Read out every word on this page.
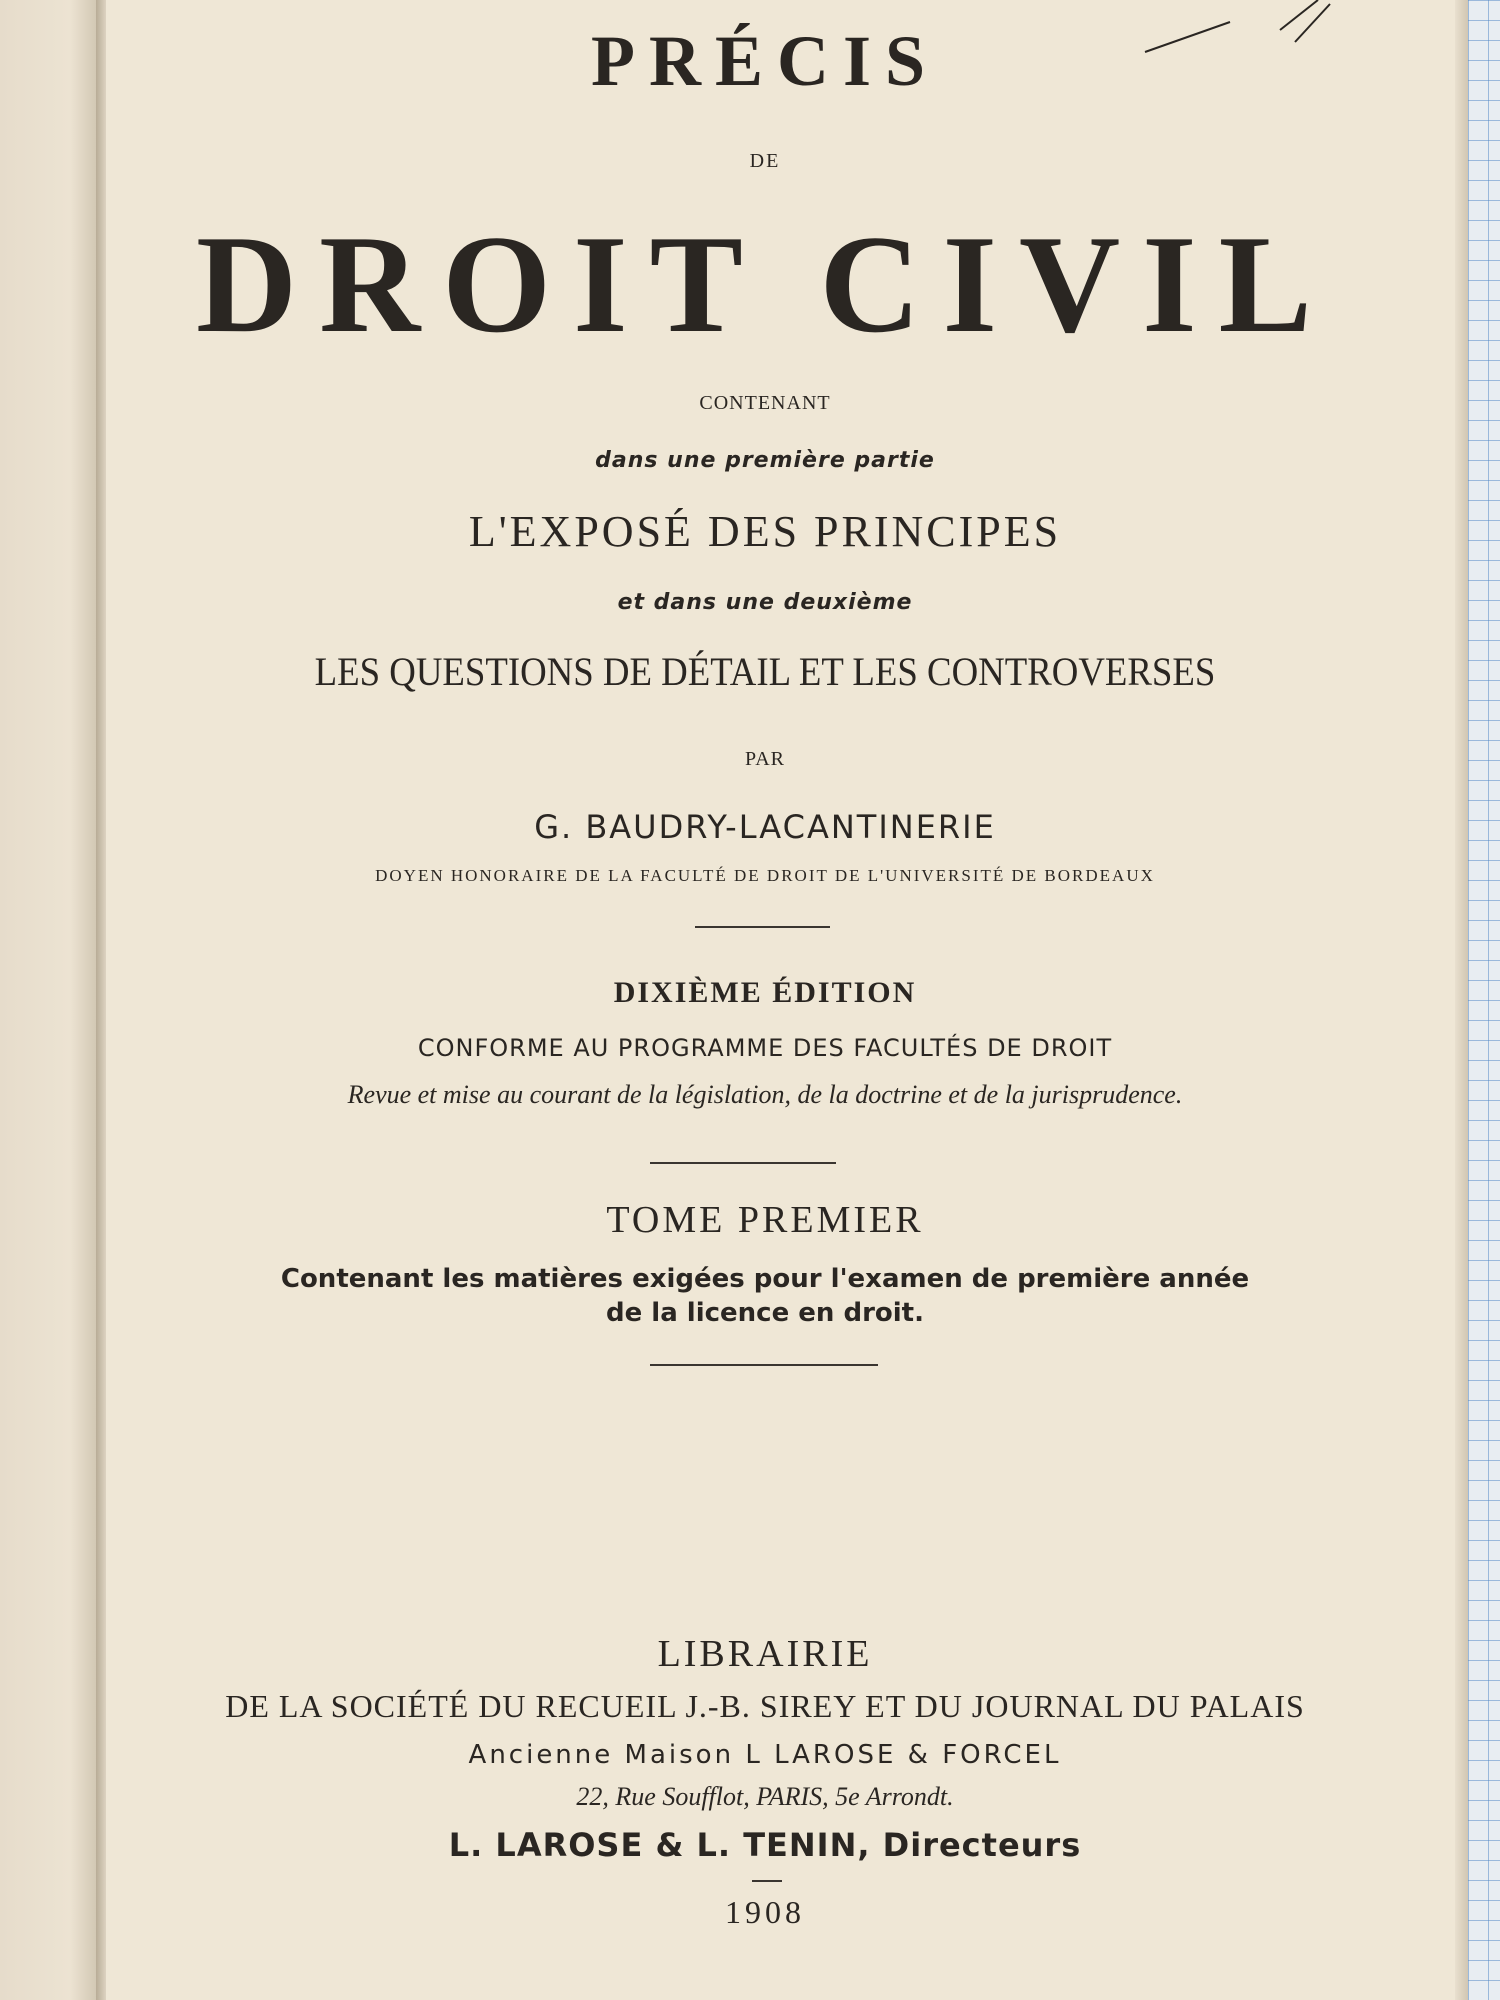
PRÉCIS
DE
DROIT CIVIL
CONTENANT
dans une première partie
L'EXPOSÉ DES PRINCIPES
et dans une deuxième
LES QUESTIONS DE DÉTAIL ET LES CONTROVERSES
PAR
G. BAUDRY-LACANTINERIE
DOYEN HONORAIRE DE LA FACULTÉ DE DROIT DE L'UNIVERSITÉ DE BORDEAUX
DIXIÈME ÉDITION
CONFORME AU PROGRAMME DES FACULTÉS DE DROIT
Revue et mise au courant de la législation, de la doctrine et de la jurisprudence.
TOME PREMIER
Contenant les matières exigées pour l'examen de première année
de la licence en droit.
LIBRAIRIE
DE LA SOCIÉTÉ DU RECUEIL J.-B. SIREY ET DU JOURNAL DU PALAIS
Ancienne Maison L LAROSE & FORCEL
22, Rue Soufflot, PARIS, 5e Arrondt.
L. LAROSE & L. TENIN, Directeurs
1908
